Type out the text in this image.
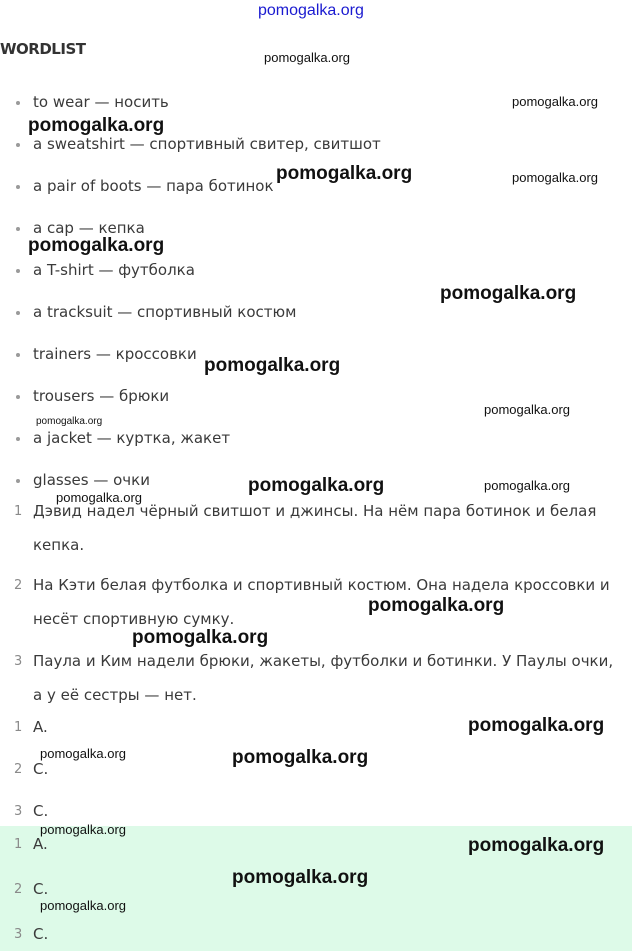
pomogalka.org
WORDLIST
to wear — носить
a sweatshirt — спортивный свитер, свитшот
a pair of boots — пара ботинок
a cap — кепка
a T-shirt — футболка
a tracksuit — спортивный костюм
trainers — кроссовки
trousers — брюки
a jacket — куртка, жакет
glasses — очки
1 Дэвид надел чёрный свитшот и джинсы. На нём пара ботинок и белая кепка.
2 На Кэти белая футболка и спортивный костюм. Она надела кроссовки и несёт спортивную сумку.
3 Паула и Ким надели брюки, жакеты, футболки и ботинки. У Паулы очки, а у её сестры — нет.
1 A.
2 C.
3 C.
1 A.
2 C.
3 C.
pomogalka.org
pomogalka.org
pomogalka.org
pomogalka.org	pomogalka.org
pomogalka.org
pomogalka.org
pomogalka.org
pomogalka.org
pomogalka.org
pomogalka.org	pomogalka.org
pomogalka.org
pomogalka.org
pomogalka.org
pomogalka.org
pomogalka.org	pomogalka.org
pomogalka.org
pomogalka.org
pomogalka.org
pomogalka.org
